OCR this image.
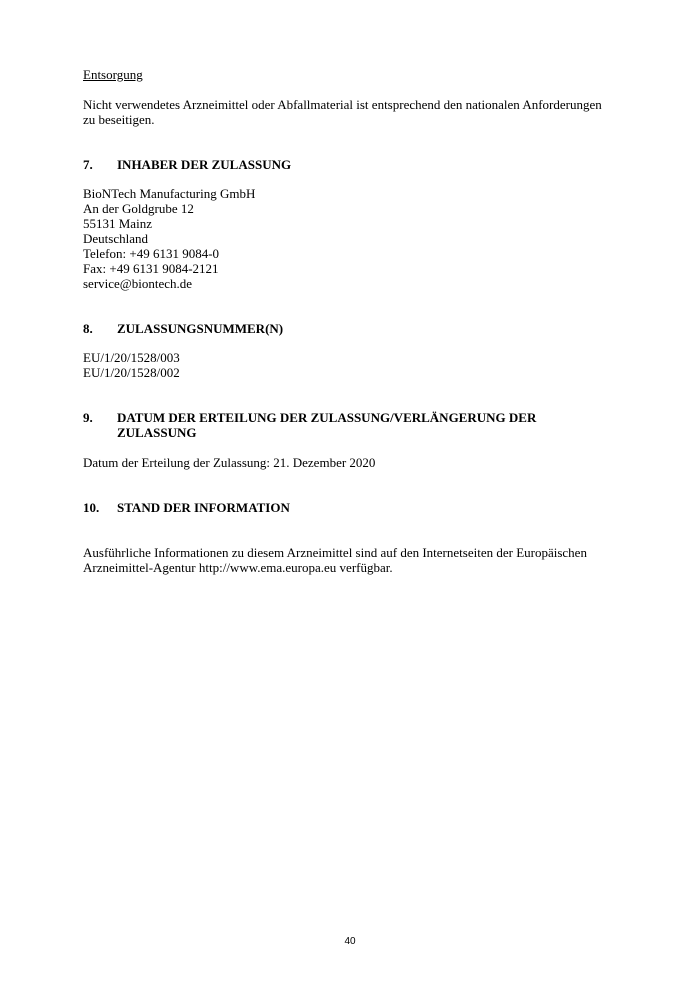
Entsorgung
Nicht verwendetes Arzneimittel oder Abfallmaterial ist entsprechend den nationalen Anforderungen
zu beseitigen.
7. INHABER DER ZULASSUNG
BioNTech Manufacturing GmbH
An der Goldgrube 12
55131 Mainz
Deutschland
Telefon: +49 6131 9084-0
Fax: +49 6131 9084-2121
service@biontech.de
8. ZULASSUNGSNUMMER(N)
EU/1/20/1528/003
EU/1/20/1528/002
9. DATUM DER ERTEILUNG DER ZULASSUNG/VERLÄNGERUNG DER
ZULASSUNG
Datum der Erteilung der Zulassung: 21. Dezember 2020
10. STAND DER INFORMATION
Ausführliche Informationen zu diesem Arzneimittel sind auf den Internetseiten der Europäischen
Arzneimittel-Agentur http://www.ema.europa.eu verfügbar.
40
